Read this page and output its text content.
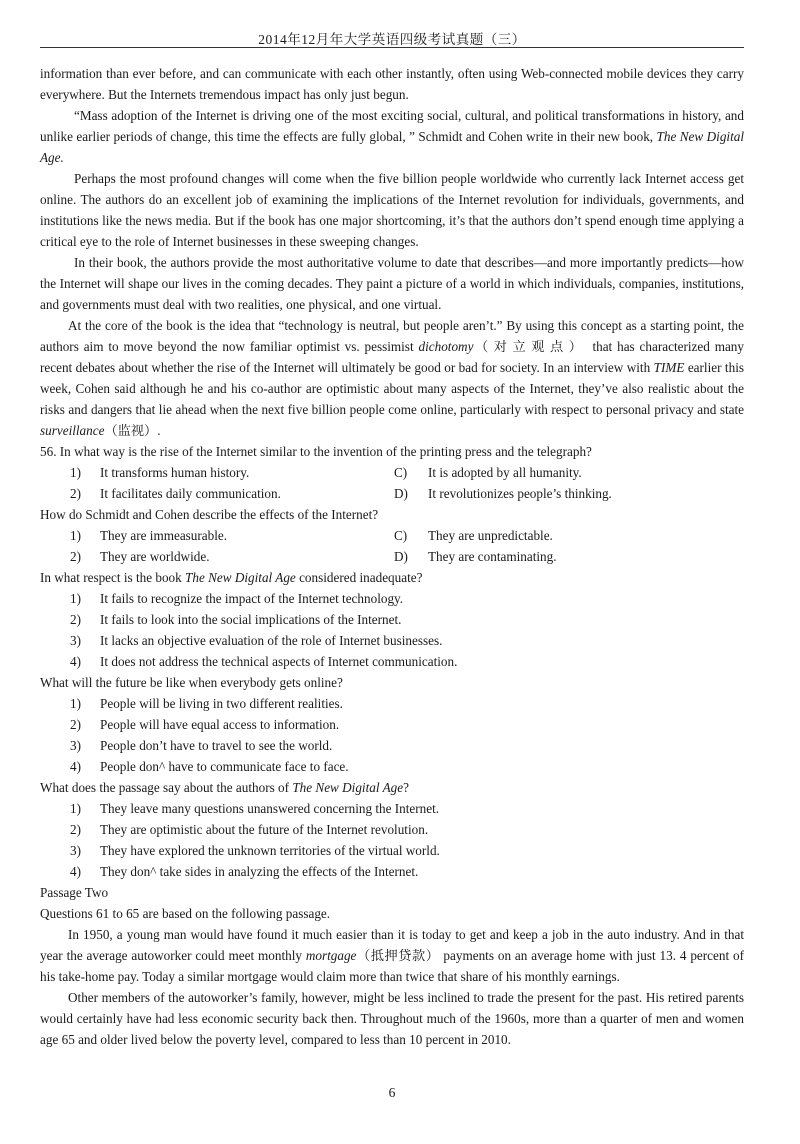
2014年12月年大学英语四级考试真题（三）

information than ever before, and can communicate with each other instantly, often using Web-connected mobile devices they carry everywhere. But the Internets tremendous impact has only just begun.

“Mass adoption of the Internet is driving one of the most exciting social, cultural, and political transformations in history, and unlike earlier periods of change, this time the effects are fully global, ” Schmidt and Cohen write in their new book, The New Digital Age.

Perhaps the most profound changes will come when the five billion people worldwide who currently lack Internet access get online. The authors do an excellent job of examining the implications of the Internet revolution for individuals, governments, and institutions like the news media. But if the book has one major shortcoming, it’s that the authors don’t spend enough time applying a critical eye to the role of Internet businesses in these sweeping changes.

In their book, the authors provide the most authoritative volume to date that describes—and more importantly predicts—how the Internet will shape our lives in the coming decades. They paint a picture of a world in which individuals, companies, institutions, and governments must deal with two realities, one physical, and one virtual.

At the core of the book is the idea that “technology is neutral, but people aren’t.” By using this concept as a starting point, the authors aim to move beyond the now familiar optimist vs. pessimist dichotomy（对立观点） that has characterized many recent debates about whether the rise of the Internet will ultimately be good or bad for society. In an interview with TIME earlier this week, Cohen said although he and his co-author are optimistic about many aspects of the Internet, they’ve also realistic about the risks and dangers that lie ahead when the next five billion people come online, particularly with respect to personal privacy and state surveillance（监视）.

56. In what way is the rise of the Internet similar to the invention of the printing press and the telegraph?

1)	It transforms human history.	C)	It is adopted by all humanity.
2)	It facilitates daily communication.	D)	It revolutionizes people’s thinking.

How do Schmidt and Cohen describe the effects of the Internet?

1)	They are immeasurable.	C)	They are unpredictable.
2)	They are worldwide.	D)	They are contaminating.

In what respect is the book The New Digital Age considered inadequate?

1) It fails to recognize the impact of the Internet technology.
2) It fails to look into the social implications of the Internet.
3) It lacks an objective evaluation of the role of Internet businesses.
4) It does not address the technical aspects of Internet communication.

What will the future be like when everybody gets online?

1) People will be living in two different realities.
2) People will have equal access to information.
3) People don’t have to travel to see the world.
4) People don^ have to communicate face to face.

What does the passage say about the authors of The New Digital Age?

1) They leave many questions unanswered concerning the Internet.
2) They are optimistic about the future of the Internet revolution.
3) They have explored the unknown territories of the virtual world.
4) They don^ take sides in analyzing the effects of the Internet.

Passage Two

Questions 61 to 65 are based on the following passage.

In 1950, a young man would have found it much easier than it is today to get and keep a job in the auto industry. And in that year the average autoworker could meet monthly mortgage（抵押贷款） payments on an average home with just 13. 4 percent of his take-home pay. Today a similar mortgage would claim more than twice that share of his monthly earnings.

Other members of the autoworker’s family, however, might be less inclined to trade the present for the past. His retired parents would certainly have had less economic security back then. Throughout much of the 1960s, more than a quarter of men and women age 65 and older lived below the poverty level, compared to less than 10 percent in 2010.

6
